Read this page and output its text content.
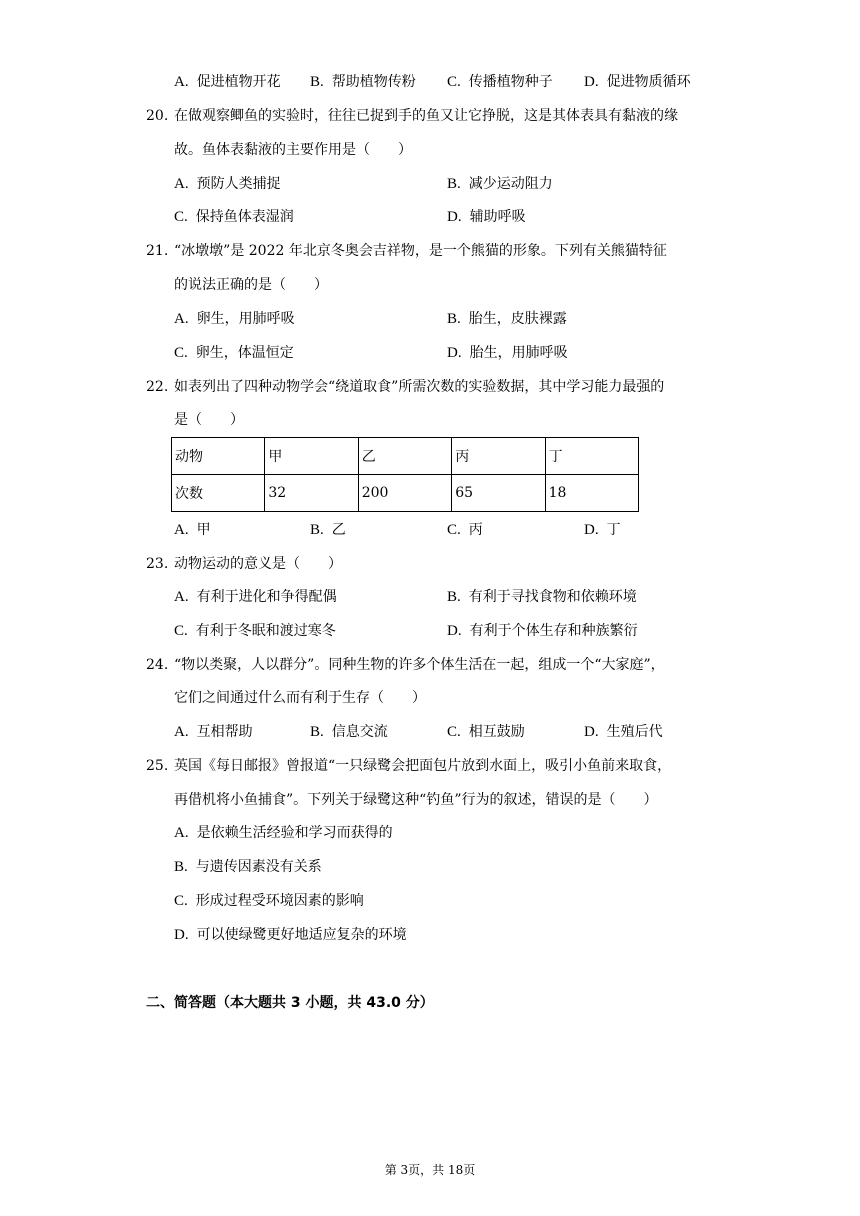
A. 促进植物开花 B. 帮助植物传粉 C. 传播植物种子 D. 促进物质循环
20. 在做观察鲫鱼的实验时，往往已捉到手的鱼又让它挣脱，这是其体表具有黏液的缘
故。鱼体表黏液的主要作用是（　　）
A. 预防人类捕捉	B. 减少运动阻力
C. 保持鱼体表湿润	D. 辅助呼吸
21. “冰墩墩”是 2022 年北京冬奥会吉祥物，是一个熊猫的形象。下列有关熊猫特征
的说法正确的是（　　）
A. 卵生，用肺呼吸	B. 胎生，皮肤裸露
C. 卵生，体温恒定	D. 胎生，用肺呼吸
22. 如表列出了四种动物学会“绕道取食”所需次数的实验数据，其中学习能力最强的
是（　　）
动物	甲	乙	丙	丁
次数	32	200	65	18
A. 甲	B. 乙	C. 丙	D. 丁
23. 动物运动的意义是（　　）
A. 有利于进化和争得配偶	B. 有利于寻找食物和依赖环境
C. 有利于冬眠和渡过寒冬	D. 有利于个体生存和种族繁衍
24. “物以类聚，人以群分”。同种生物的许多个体生活在一起，组成一个“大家庭”，
它们之间通过什么而有利于生存（　　）
A. 互相帮助	B. 信息交流	C. 相互鼓励	D. 生殖后代
25. 英国《每日邮报》曾报道“一只绿鹭会把面包片放到水面上，吸引小鱼前来取食，
再借机将小鱼捕食”。下列关于绿鹭这种“钓鱼”行为的叙述，错误的是（　　）
A. 是依赖生活经验和学习而获得的
B. 与遗传因素没有关系
C. 形成过程受环境因素的影响
D. 可以使绿鹭更好地适应复杂的环境
二、简答题（本大题共 3 小题，共 43.0 分）
第 3页，共 18页
